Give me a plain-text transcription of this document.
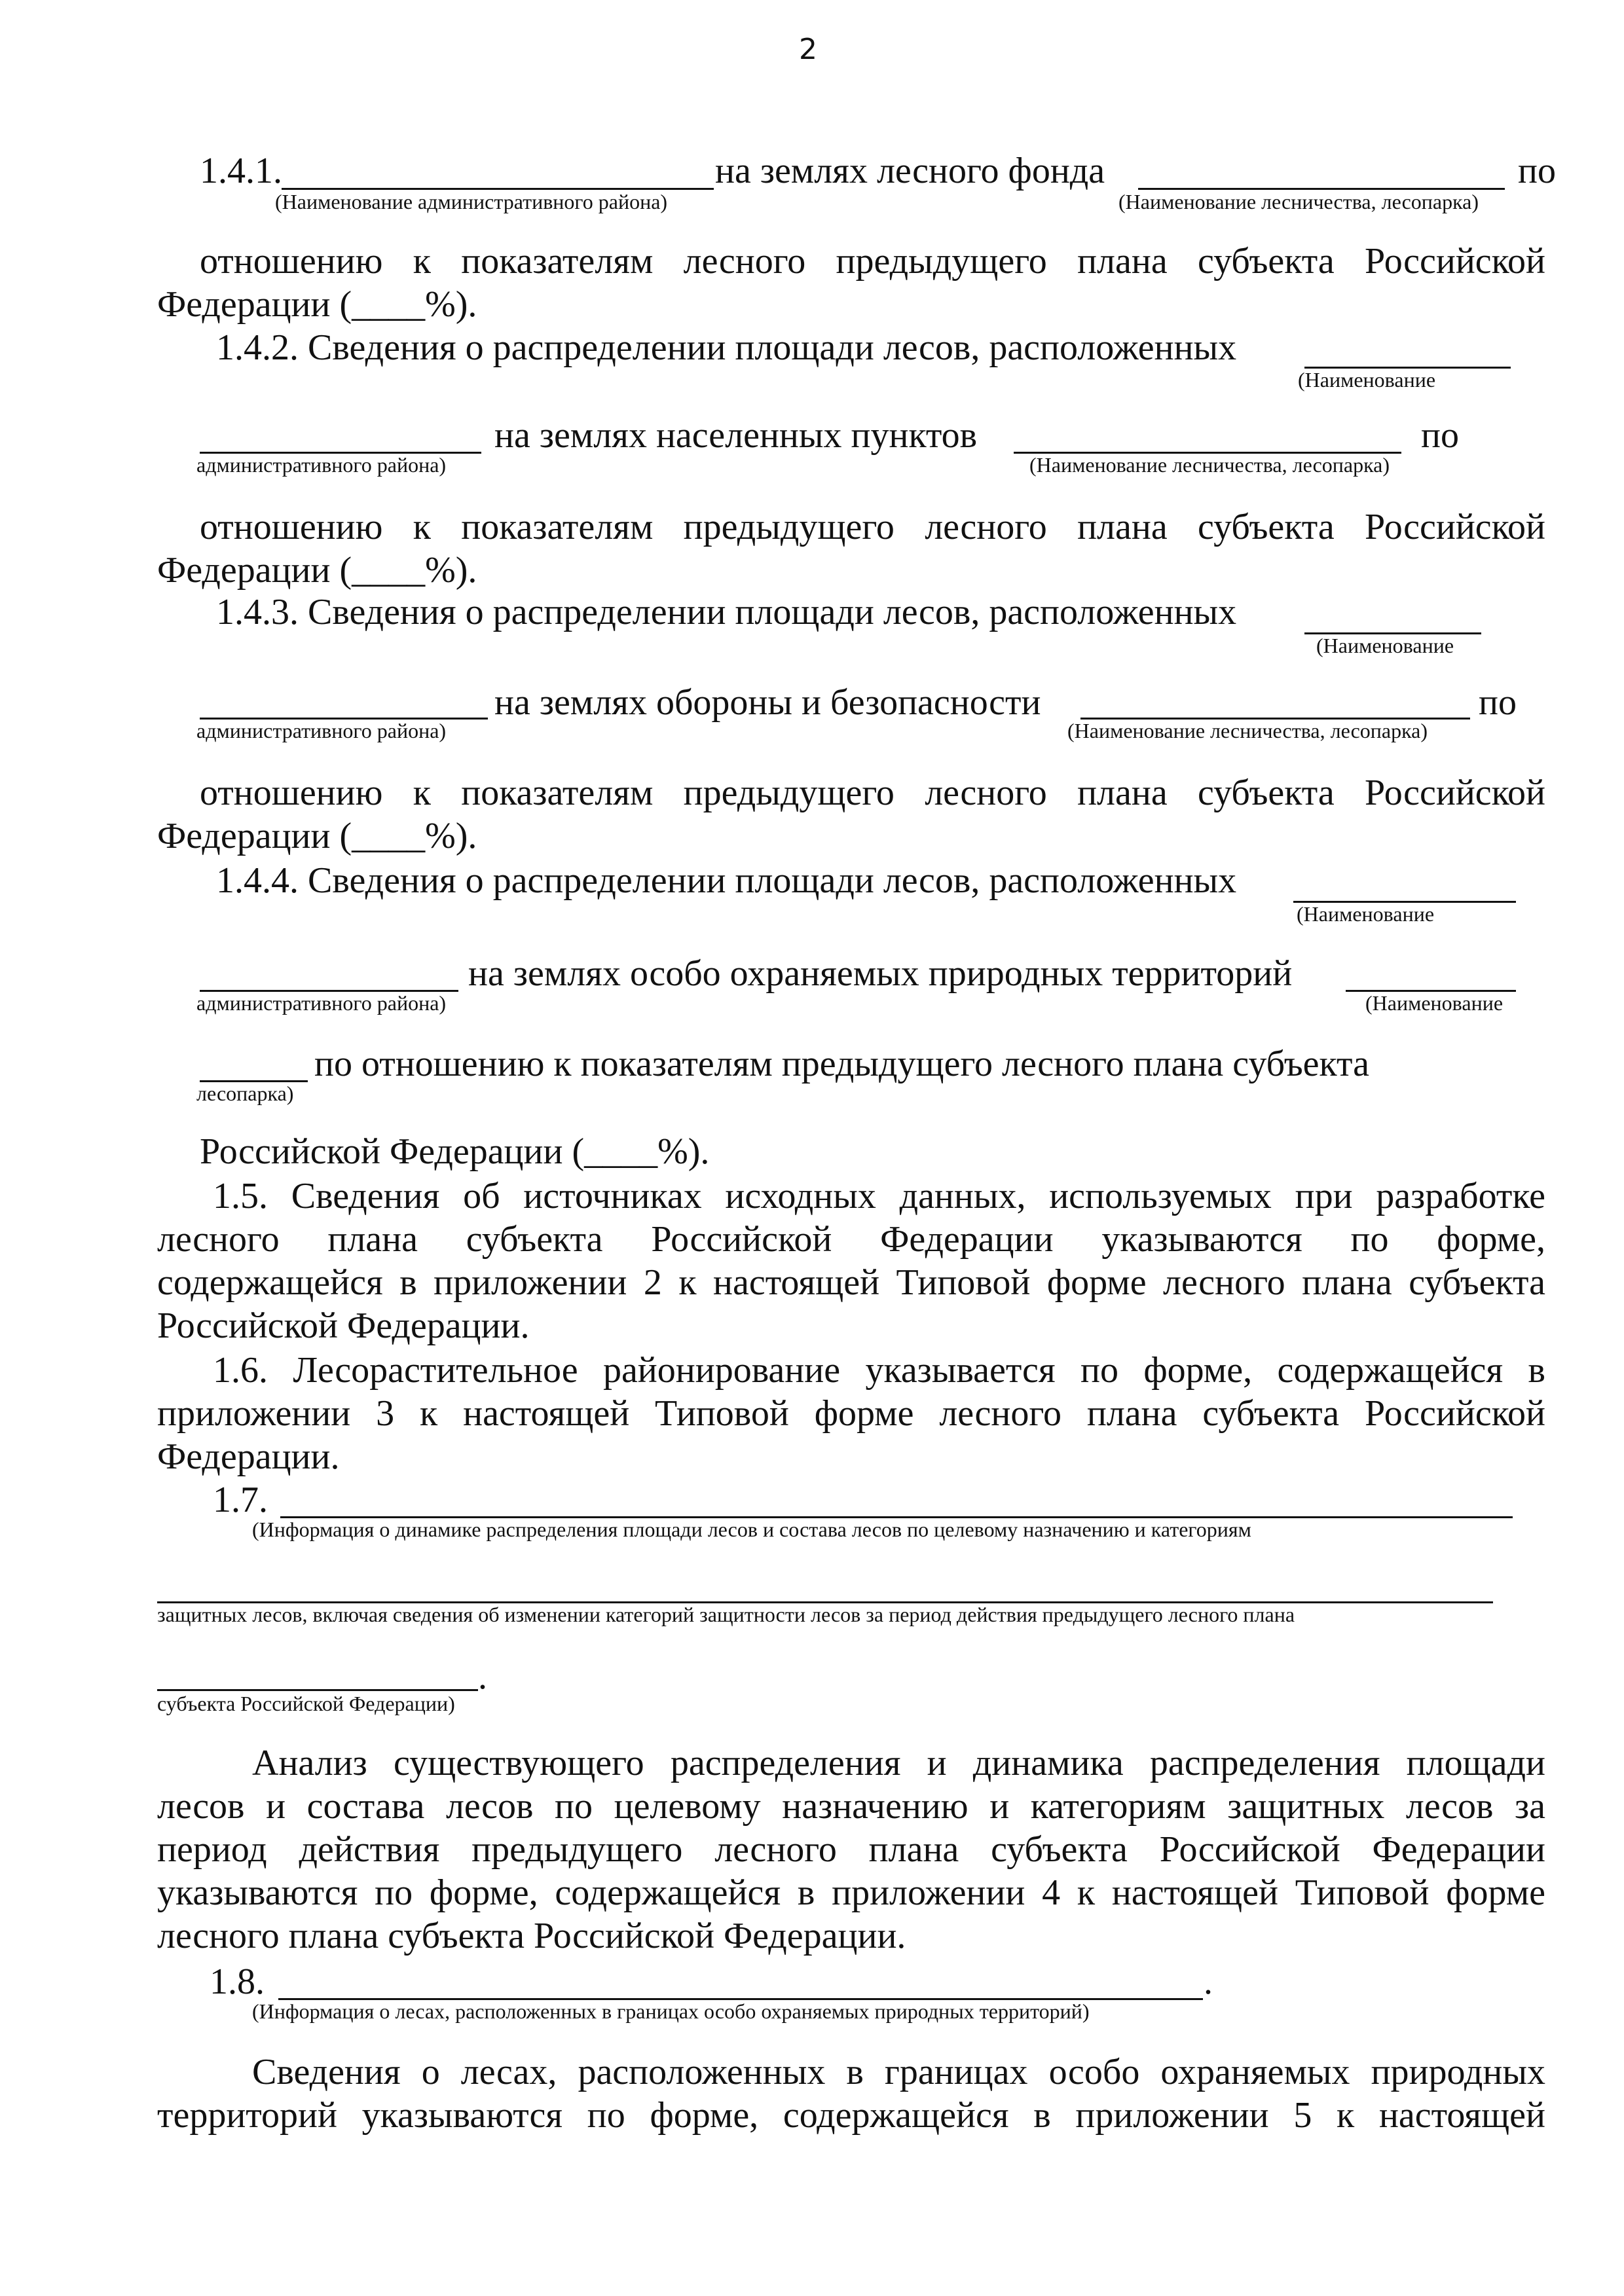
2
1.4.1.	на землях лесного фонда	по
(Наименование административного района)	(Наименование лесничества, лесопарка)
отношению к показателям лесного предыдущего плана субъекта Российской
Федерации (____%).
1.4.2. Сведения о распределении площади лесов, расположенных
(Наименование
на землях населенных пунктов	по
административного района)	(Наименование лесничества, лесопарка)
отношению к показателям предыдущего лесного плана субъекта Российской
Федерации (____%).
1.4.3. Сведения о распределении площади лесов, расположенных
(Наименование
на землях обороны и безопасности	по
административного района)	(Наименование лесничества, лесопарка)
отношению к показателям предыдущего лесного плана субъекта Российской
Федерации (____%).
1.4.4. Сведения о распределении площади лесов, расположенных
(Наименование
на землях особо охраняемых природных территорий
административного района)	(Наименование
по отношению к показателям предыдущего лесного плана субъекта
лесопарка)
Российской Федерации (____%).
1.5. Сведения об источниках исходных данных, используемых при разработке
лесного плана субъекта Российской Федерации указываются по форме,
содержащейся в приложении 2 к настоящей Типовой форме лесного плана субъекта
Российской Федерации.
1.6. Лесорастительное районирование указывается по форме, содержащейся в
приложении 3 к настоящей Типовой форме лесного плана субъекта Российской
Федерации.
1.7.
(Информация о динамике распределения площади лесов и состава лесов по целевому назначению и категориям
защитных лесов, включая сведения об изменении категорий защитности лесов за период действия предыдущего лесного плана
.
субъекта Российской Федерации)
Анализ существующего распределения и динамика распределения площади
лесов и состава лесов по целевому назначению и категориям защитных лесов за
период действия предыдущего лесного плана субъекта Российской Федерации
указываются по форме, содержащейся в приложении 4 к настоящей Типовой форме
лесного плана субъекта Российской Федерации.
1.8.	.
(Информация о лесах, расположенных в границах особо охраняемых природных территорий)
Сведения о лесах, расположенных в границах особо охраняемых природных
территорий указываются по форме, содержащейся в приложении 5 к настоящей
